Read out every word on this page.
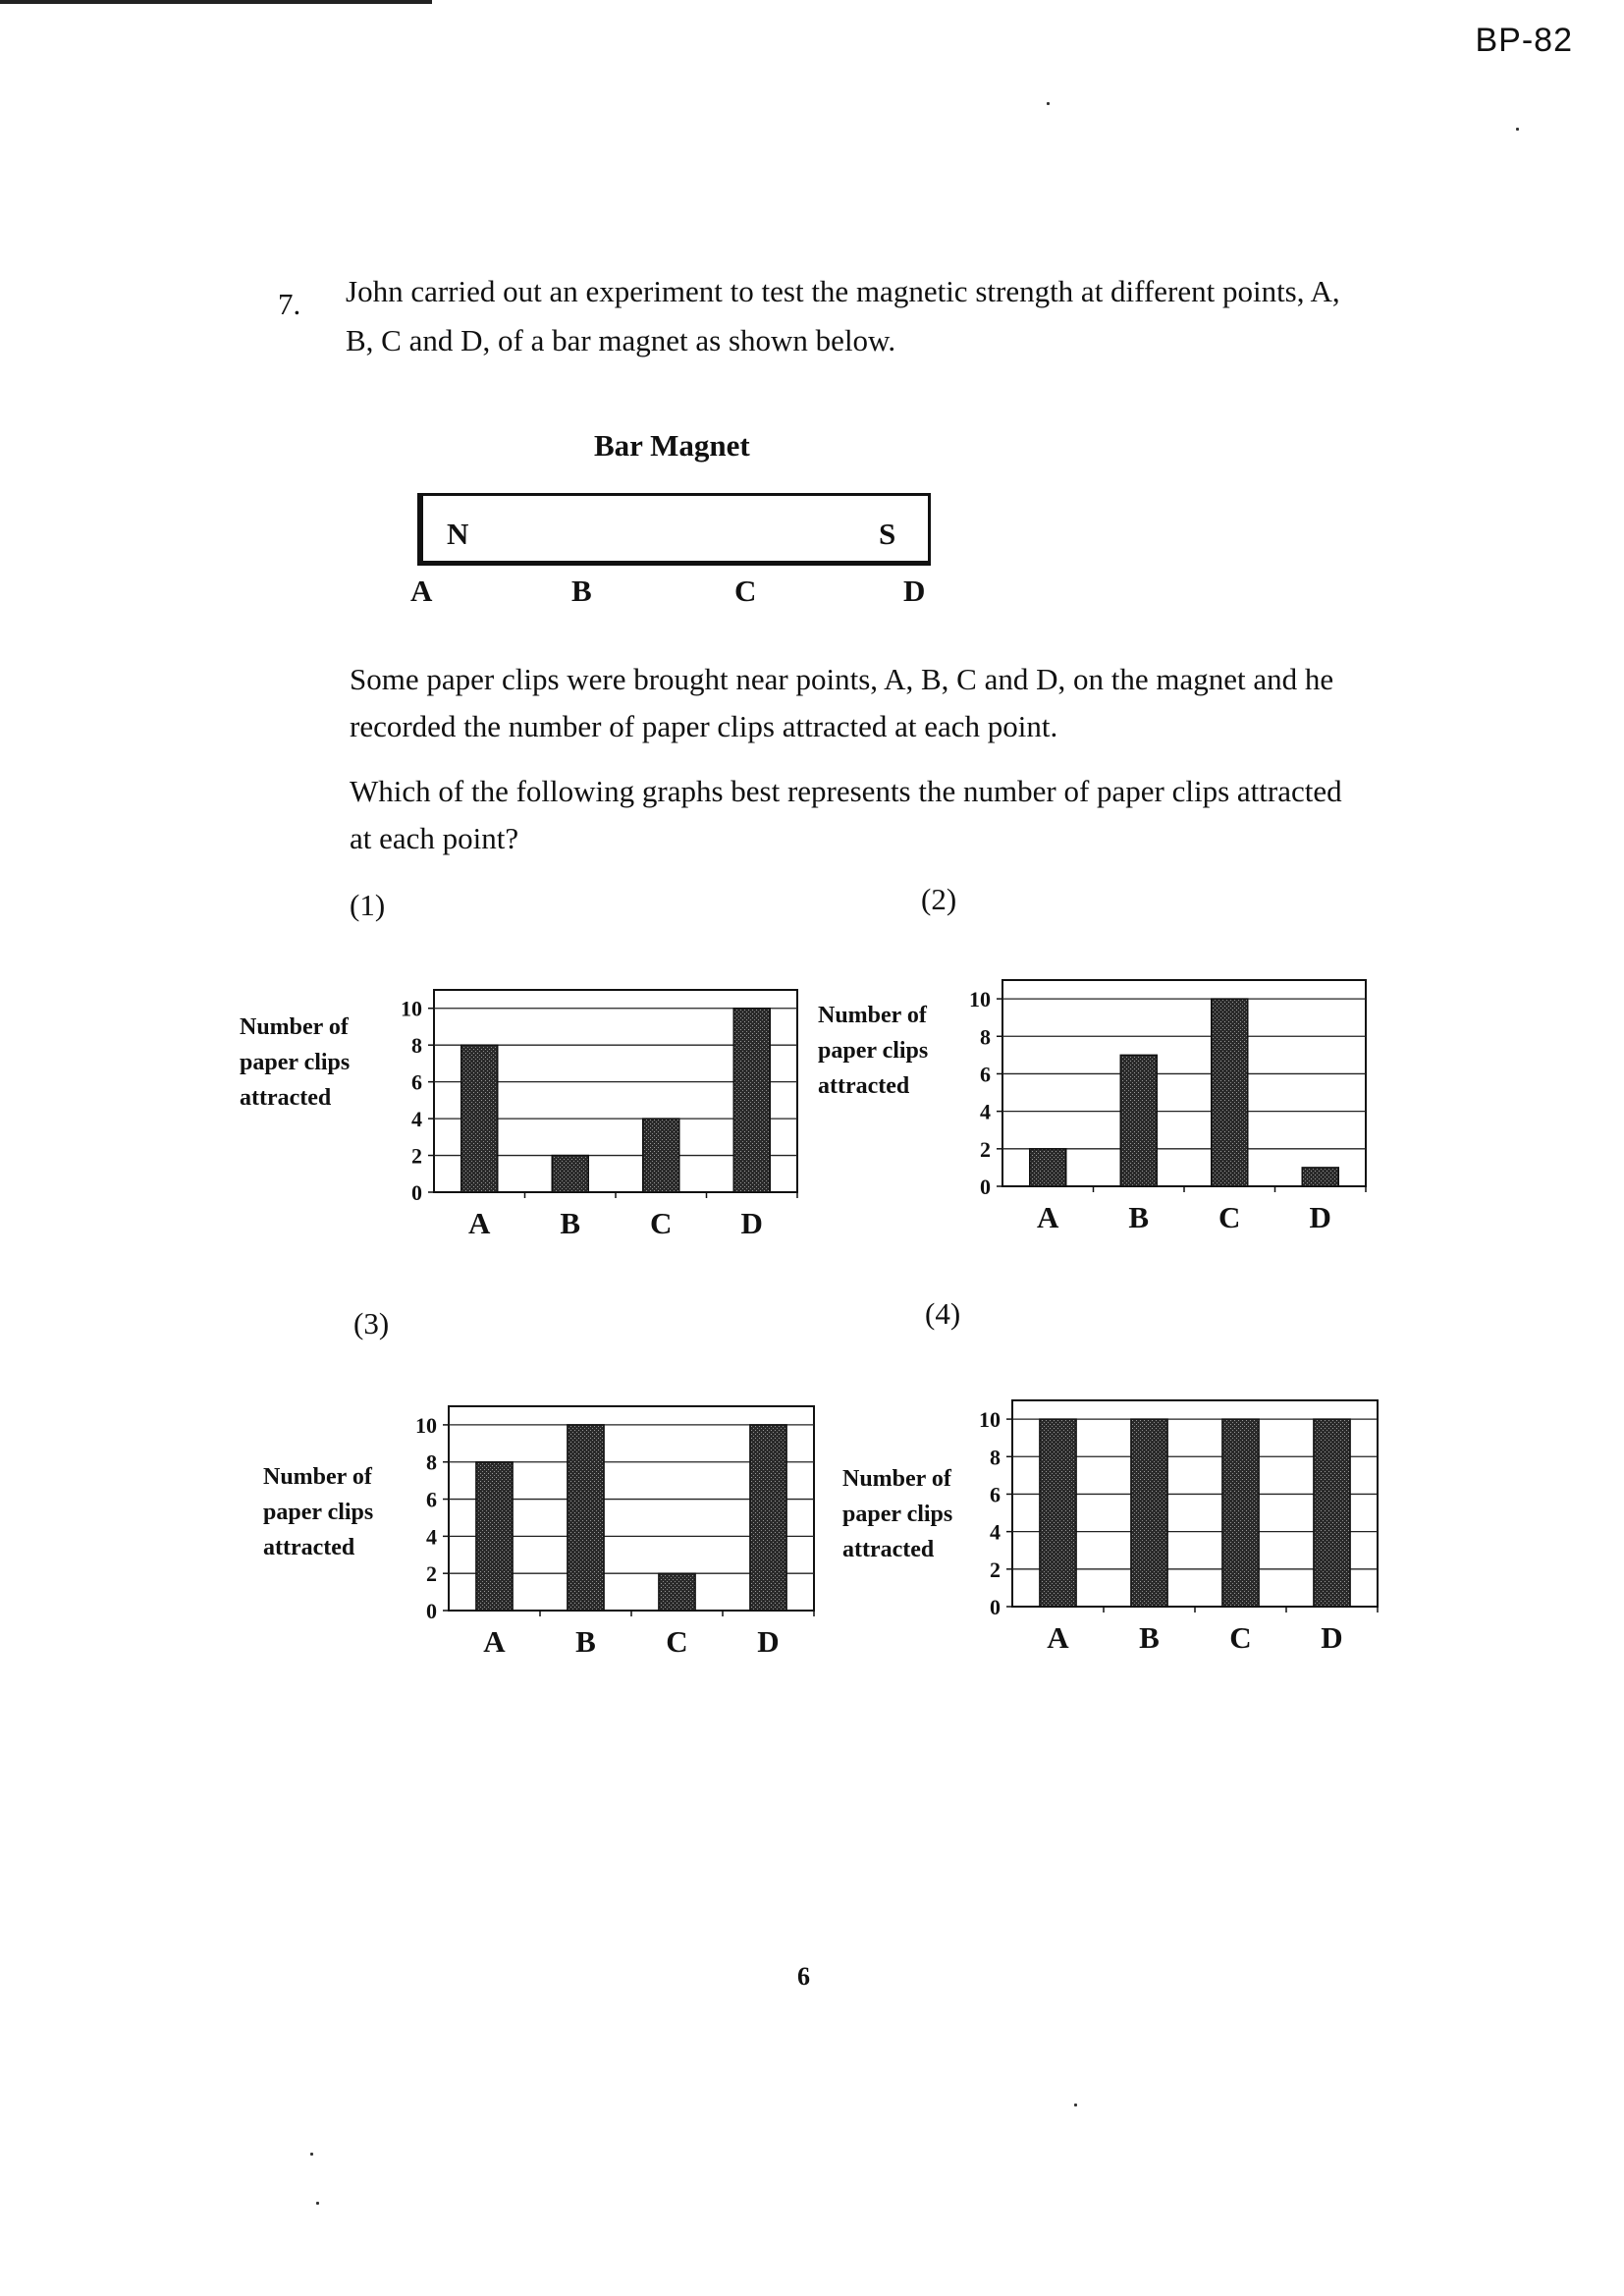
BP-82
7. John carried out an experiment to test the magnetic strength at different points, A, B, C and D, of a bar magnet as shown below.
Bar Magnet
N	S
A	B	C	D
Some paper clips were brought near points, A, B, C and D, on the magnet and he recorded the number of paper clips attracted at each point.
Which of the following graphs best represents the number of paper clips attracted at each point?
(1)	(2)
(3)	(4)
Number of
paper clips
attracted
Number of
paper clips
attracted
Number of
paper clips
attracted
Number of
paper clips
attracted
0
2
4
6
8
10
A B C D
0
2
4
6
8
10
A B C D
0
2
4
6
8
10
A B C D
0
2
4
6
8
10
A B C D
6
